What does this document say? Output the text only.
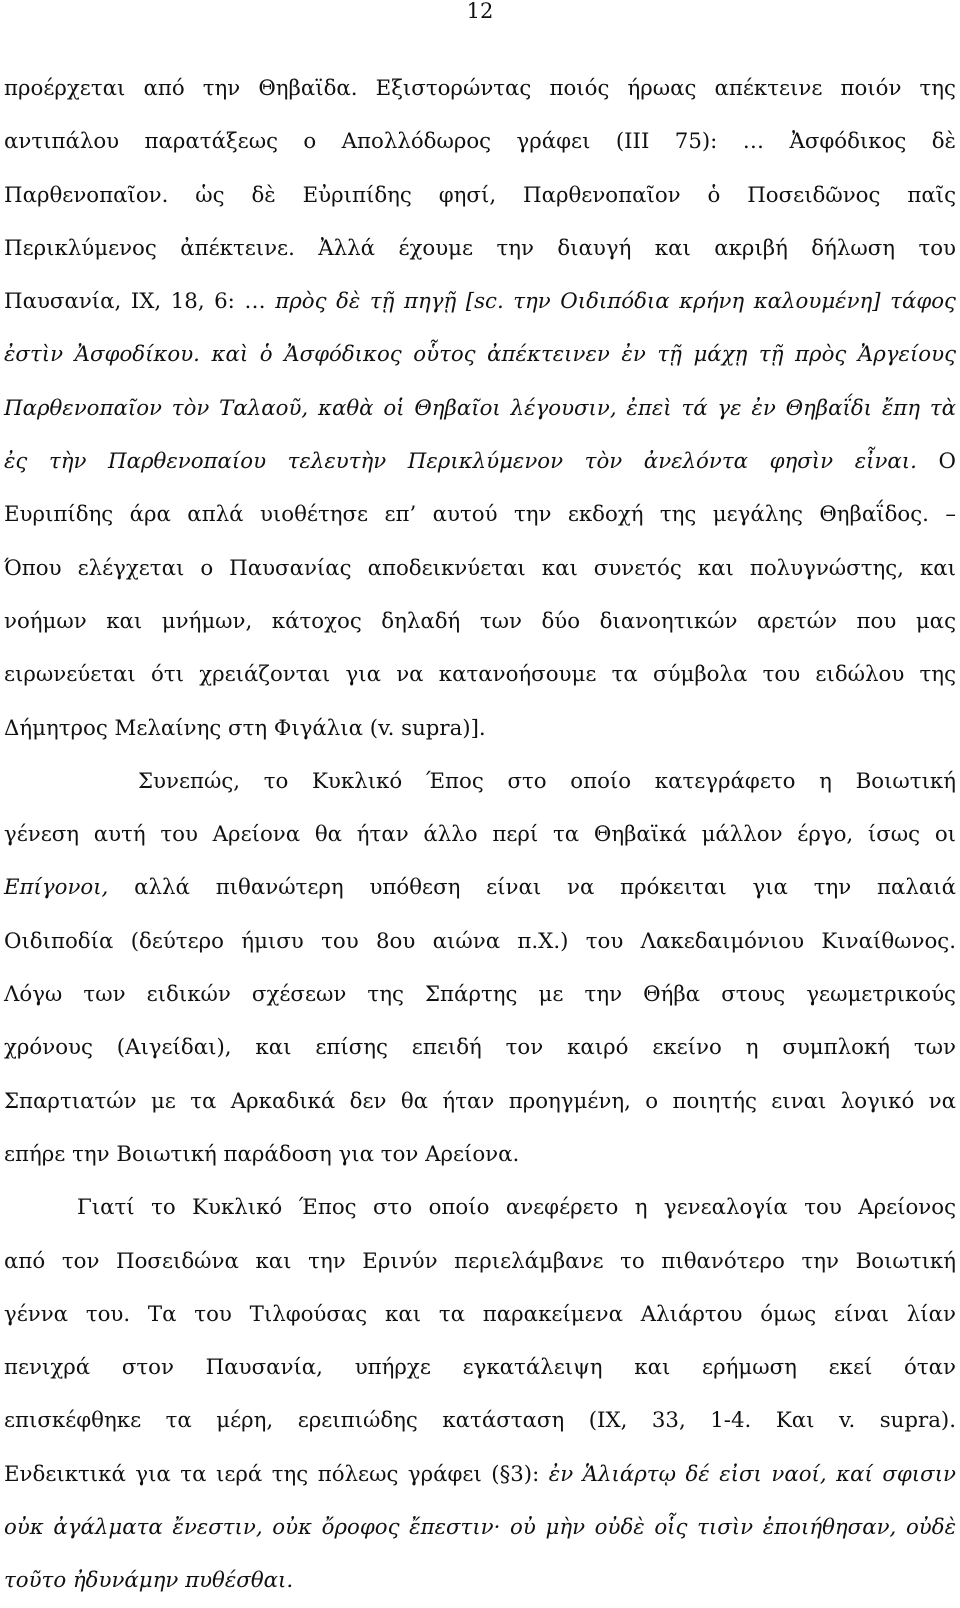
12
προέρχεται από την Θηβαϊδα. Εξιστορώντας ποιός ήρωας απέκτεινε ποιόν της
αντιπάλου παρατάξεως ο Απολλόδωρος γράφει (ΙΙΙ 75): … Ἀσφόδικος δὲ
Παρθενοπαῖον. ὡς δὲ Εὐριπίδης φησί, Παρθενοπαῖον ὁ Ποσειδῶνος παῖς
Περικλύμενος ἀπέκτεινε. Ἀλλά έχουμε την διαυγή και ακριβή δήλωση του
Παυσανία, IX, 18, 6: … πρὸς δὲ τῇ πηγῇ [sc. την Οιδιπόδια κρήνη καλουμένη] τάφος
ἐστὶν Ἀσφοδίκου. καὶ ὁ Ἀσφόδικος οὗτος ἀπέκτεινεν ἐν τῇ μάχῃ τῇ πρὸς Ἀργείους
Παρθενοπαῖον τὸν Ταλαοῦ, καθὰ οἱ Θηβαῖοι λέγουσιν, ἐπεὶ τά γε ἐν Θηβαΐδι ἔπη τὰ
ἐς τὴν Παρθενοπαίου τελευτὴν Περικλύμενον τὸν ἀνελόντα φησὶν εἶναι. Ο
Ευριπίδης άρα απλά υιοθέτησε επ’ αυτού την εκδοχή της μεγάλης Θηβαΐδος. –
Όπου ελέγχεται ο Παυσανίας αποδεικνύεται και συνετός και πολυγνώστης, και
νοήμων και μνήμων, κάτοχος δηλαδή των δύο διανοητικών αρετών που μας
ειρωνεύεται ότι χρειάζονται για να κατανοήσουμε τα σύμβολα του ειδώλου της
Δήμητρος Μελαίνης στη Φιγάλια (v. supra)].
Συνεπώς, το Κυκλικό Έπος στο οποίο κατεγράφετο η Βοιωτική
γένεση αυτή του Αρείονα θα ήταν άλλο περί τα Θηβαϊκά μάλλον έργο, ίσως οι
Επίγονοι, αλλά πιθανώτερη υπόθεση είναι να πρόκειται για την παλαιά
Οιδιποδία (δεύτερο ήμισυ του 8ου αιώνα π.Χ.) του Λακεδαιμόνιου Κιναίθωνος.
Λόγω των ειδικών σχέσεων της Σπάρτης με την Θήβα στους γεωμετρικούς
χρόνους (Αιγείδαι), και επίσης επειδή τον καιρό εκείνο η συμπλοκή των
Σπαρτιατών με τα Αρκαδικά δεν θα ήταν προηγμένη, ο ποιητής ειναι λογικό να
επήρε την Βοιωτική παράδοση για τον Αρείονα.
Γιατί το Κυκλικό Έπος στο οποίο ανεφέρετο η γενεαλογία του Αρείονος
από τον Ποσειδώνα και την Ερινύν περιελάμβανε το πιθανότερο την Βοιωτική
γέννα του. Τα του Τιλφούσας και τα παρακείμενα Αλιάρτου όμως είναι λίαν
πενιχρά στον Παυσανία, υπήρχε εγκατάλειψη και ερήμωση εκεί όταν
επισκέφθηκε τα μέρη, ερειπιώδης κατάσταση (ΙΧ, 33, 1-4. Και v. supra).
Ενδεικτικά για τα ιερά της πόλεως γράφει (§3): ἐν Ἁλιάρτῳ δέ εἰσι ναοί, καί σφισιν
οὐκ ἀγάλματα ἔνεστιν, οὐκ ὄροφος ἔπεστιν· οὐ μὴν οὐδὲ οἷς τισὶν ἐποιήθησαν, οὐδὲ
τοῦτο ἠδυνάμην πυθέσθαι.
